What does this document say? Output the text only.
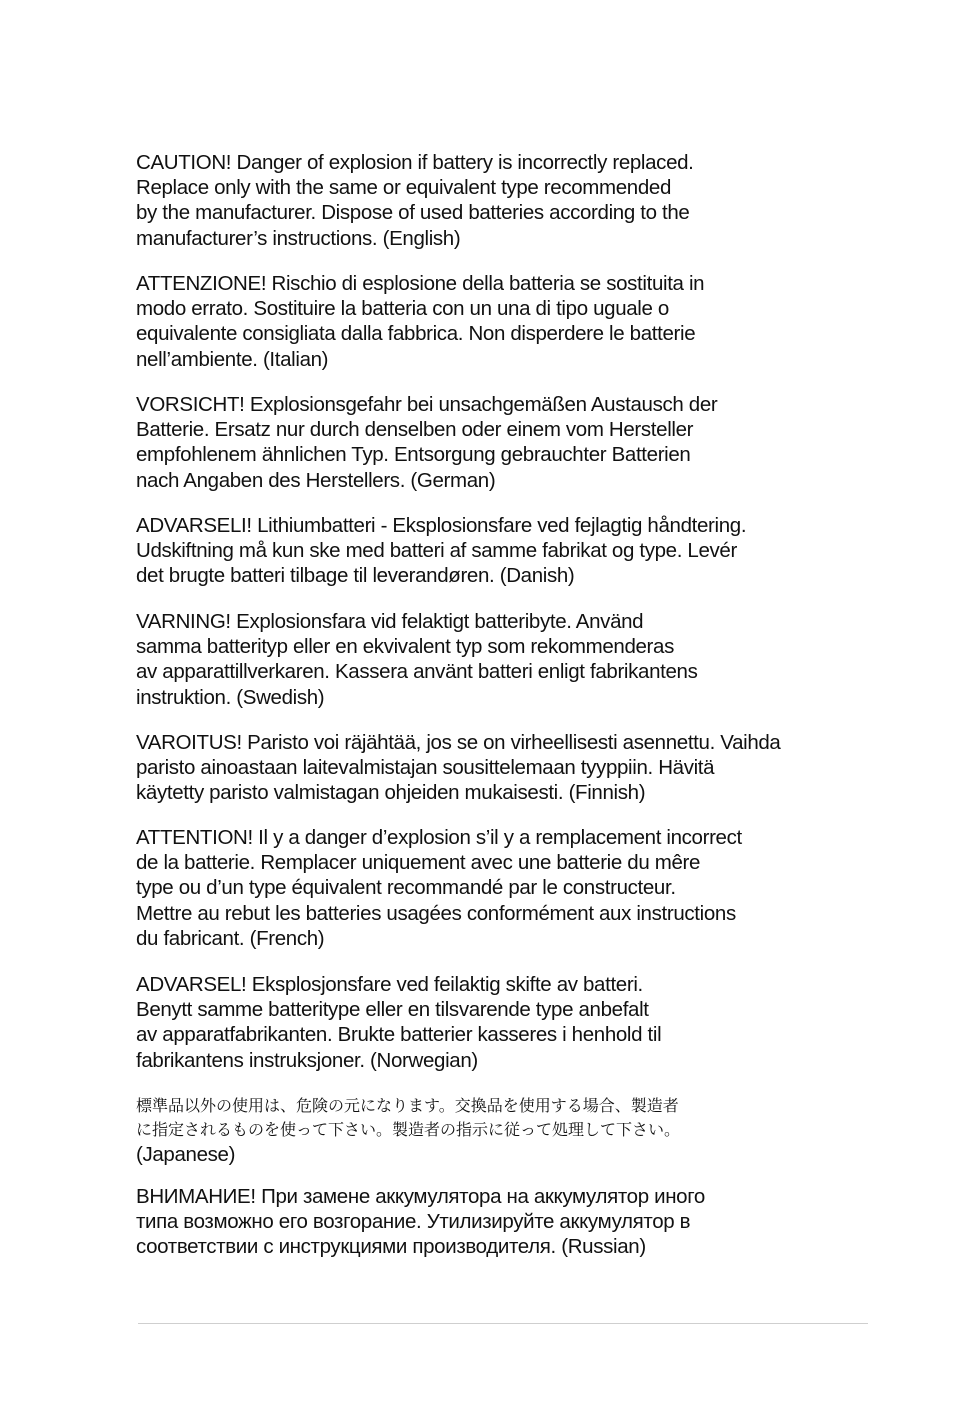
CAUTION! Danger of explosion if battery is incorrectly replaced.
Replace only with the same or equivalent type recommended
by the manufacturer. Dispose of used batteries according to the
manufacturer’s instructions. (English)

ATTENZIONE! Rischio di esplosione della batteria se sostituita in
modo errato. Sostituire la batteria con un una di tipo uguale o
equivalente consigliata dalla fabbrica. Non disperdere le batterie
nell’ambiente. (Italian)

VORSICHT! Explosionsgefahr bei unsachgemäßen Austausch der
Batterie. Ersatz nur durch denselben oder einem vom Hersteller
empfohlenem ähnlichen Typ. Entsorgung gebrauchter Batterien
nach Angaben des Herstellers. (German)

ADVARSELI! Lithiumbatteri - Eksplosionsfare ved fejlagtig håndtering.
Udskiftning må kun ske med batteri af samme fabrikat og type. Levér
det brugte batteri tilbage til leverandøren. (Danish)

VARNING! Explosionsfara vid felaktigt batteribyte. Använd
samma batterityp eller en ekvivalent typ som rekommenderas
av apparattillverkaren. Kassera använt batteri enligt fabrikantens
instruktion. (Swedish)

VAROITUS! Paristo voi räjähtää, jos se on virheellisesti asennettu. Vaihda
paristo ainoastaan laitevalmistajan sousittelemaan tyyppiin. Hävitä
käytetty paristo valmistagan ohjeiden mukaisesti. (Finnish)

ATTENTION! Il y a danger d’explosion s’il y a remplacement incorrect
de la batterie. Remplacer uniquement avec une batterie du mêre
type ou d’un type équivalent recommandé par le constructeur.
Mettre au rebut les batteries usagées conformément aux instructions
du fabricant. (French)

ADVARSEL! Eksplosjonsfare ved feilaktig skifte av batteri.
Benytt samme batteritype eller en tilsvarende type anbefalt
av apparatfabrikanten. Brukte batterier kasseres i henhold til
fabrikantens instruksjoner. (Norwegian)

標準品以外の使用は、危険の元になります。交換品を使用する場合、製造者
に指定されるものを使って下さい。製造者の指示に従って処理して下さい。
(Japanese)

ВНИМАНИЕ! При замене аккумулятора на аккумулятор иного
типа возможно его возгорание. Утилизируйте аккумулятор в
соответствии с инструкциями производителя. (Russian)
